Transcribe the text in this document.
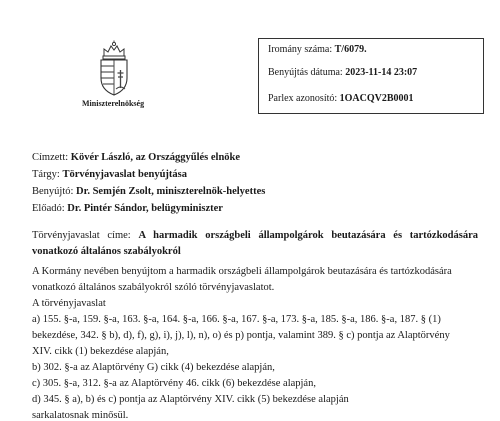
Miniszterelnökség
Iromány száma: T/6079.
Benyújtás dátuma: 2023-11-14 23:07
Parlex azonosító: 1OACQV2B0001
Címzett: Kövér László, az Országgyűlés elnöke
Tárgy: Törvényjavaslat benyújtása
Benyújtó: Dr. Semjén Zsolt, miniszterelnök-helyettes
Előadó: Dr. Pintér Sándor, belügyminiszter
Törvényjavaslat címe: A harmadik országbeli állampolgárok beutazására és tartózkodására vonatkozó általános szabályokról
A Kormány nevében benyújtom a harmadik országbeli állampolgárok beutazására és tartózkodására
vonatkozó általános szabályokról szóló törvényjavaslatot.
A törvényjavaslat
a) 155. §-a, 159. §-a, 163. §-a, 164. §-a, 166. §-a, 167. §-a, 173. §-a, 185. §-a, 186. §-a, 187. § (1)
bekezdése, 342. § b), d), f), g), i), j), l), n), o) és p) pontja, valamint 389. § c) pontja az Alaptörvény
XIV. cikk (1) bekezdése alapján,
b) 302. §-a az Alaptörvény G) cikk (4) bekezdése alapján,
c) 305. §-a, 312. §-a az Alaptörvény 46. cikk (6) bekezdése alapján,
d) 345. § a), b) és c) pontja az Alaptörvény XIV. cikk (5) bekezdése alapján
sarkalatosnak minősül.
